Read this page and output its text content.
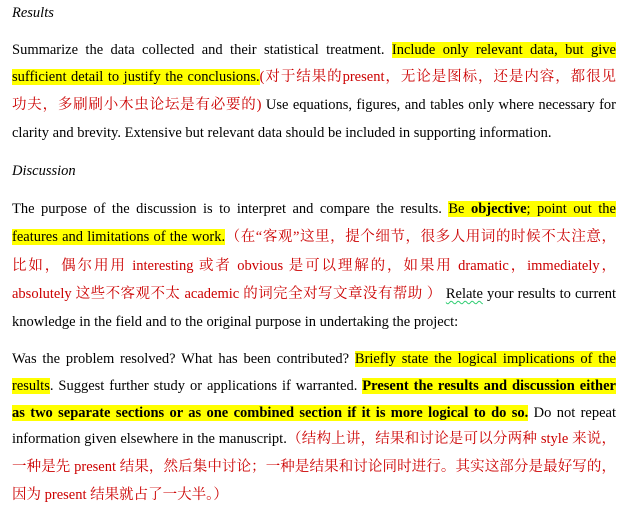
Results
Summarize the data collected and their statistical treatment. Include only relevant data, but give
sufficient detail to justify the conclusions.(对于结果的present，无论是图标，还是内容，都很见
功夫，多刷刷小木虫论坛是有必要的) Use equations, figures, and tables only where necessary for
clarity and brevity. Extensive but relevant data should be included in supporting information.
Discussion
The purpose of the discussion is to interpret and compare the results. Be objective; point out the
features and limitations of the work.（在“客观”这里，提个细节，很多人用词的时候不太注意，
比如，偶尔用用 interesting 或者 obvious 是可以理解的，如果用 dramatic，immediately，
absolutely 这些不客观不太 academic 的词完全对写文章没有帮助 ） Relate your results to current
knowledge in the field and to the original purpose in undertaking the project:
Was the problem resolved? What has been contributed? Briefly state the logical implications of the
results. Suggest further study or applications if warranted. Present the results and discussion either
as two separate sections or as one combined section if it is more logical to do so. Do not repeat
information given elsewhere in the manuscript.（结构上讲，结果和讨论是可以分两种 style 来说，
一种是先 present 结果，然后集中讨论；一种是结果和讨论同时进行。其实这部分是最好写的，
因为 present 结果就占了一大半。）
